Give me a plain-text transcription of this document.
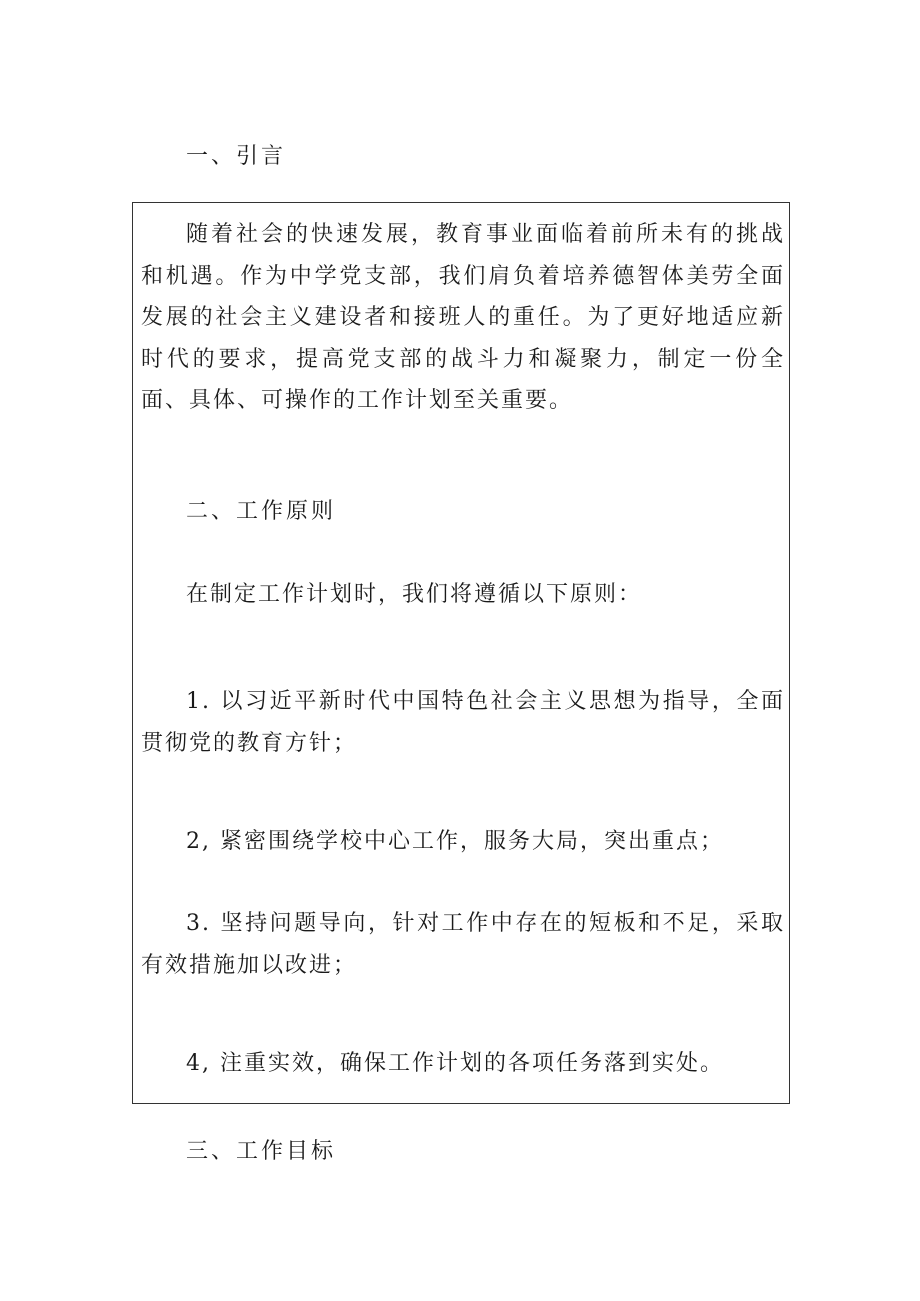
一、引言

随着社会的快速发展，教育事业面临着前所未有的挑战和机遇。作为中学党支部，我们肩负着培养德智体美劳全面发展的社会主义建设者和接班人的重任。为了更好地适应新时代的要求，提高党支部的战斗力和凝聚力，制定一份全面、具体、可操作的工作计划至关重要。

二、工作原则

在制定工作计划时，我们将遵循以下原则：

1. 以习近平新时代中国特色社会主义思想为指导，全面贯彻党的教育方针；

2, 紧密围绕学校中心工作，服务大局，突出重点；

3. 坚持问题导向，针对工作中存在的短板和不足，采取有效措施加以改进；

4, 注重实效，确保工作计划的各项任务落到实处。

三、工作目标
